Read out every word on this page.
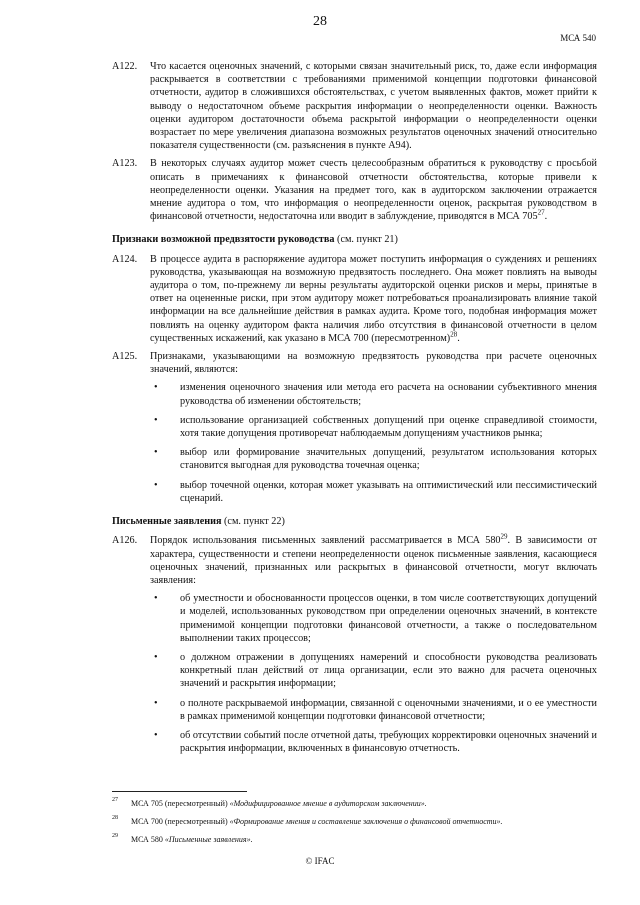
28
МСА 540
A122. Что касается оценочных значений, с которыми связан значительный риск, то, даже если информация раскрывается в соответствии с требованиями применимой концепции подготовки финансовой отчетности, аудитор в сложившихся обстоятельствах, с учетом выявленных фактов, может прийти к выводу о недостаточном объеме раскрытия информации о неопределенности оценки. Важность оценки аудитором достаточности объема раскрытой информации о неопределенности оценки возрастает по мере увеличения диапазона возможных результатов оценочных значений относительно показателя существенности (см. разъяснения в пункте A94).
A123. В некоторых случаях аудитор может счесть целесообразным обратиться к руководству с просьбой описать в примечаниях к финансовой отчетности обстоятельства, которые привели к неопределенности оценки. Указания на предмет того, как в аудиторском заключении отражается мнение аудитора о том, что информация о неопределенности оценок, раскрытая руководством в финансовой отчетности, недостаточна или вводит в заблуждение, приводятся в МСА $705^{27}$.
Признаки возможной предвзятости руководства (см. пункт 21)
A124. В процессе аудита в распоряжение аудитора может поступить информация о суждениях и решениях руководства, указывающая на возможную предвзятость последнего. Она может повлиять на выводы аудитора о том, по-прежнему ли верны результаты аудиторской оценки рисков и меры, принятые в ответ на оцененные риски, при этом аудитору может потребоваться проанализировать влияние такой информации на все дальнейшие действия в рамках аудита. Кроме того, подобная информация может повлиять на оценку аудитором факта наличия либо отсутствия в финансовой отчетности в целом существенных искажений, как указано в МСА 700 (пересмотренном)$^{28}$.
A125. Признаками, указывающими на возможную предвзятость руководства при расчете оценочных значений, являются:
• изменения оценочного значения или метода его расчета на основании субъективного мнения руководства об изменении обстоятельств;
• использование организацией собственных допущений при оценке справедливой стоимости, хотя такие допущения противоречат наблюдаемым допущениям участников рынка;
• выбор или формирование значительных допущений, результатом использования которых становится выгодная для руководства точечная оценка;
• выбор точечной оценки, которая может указывать на оптимистический или пессимистический сценарий.
Письменные заявления (см. пункт 22)
A126. Порядок использования письменных заявлений рассматривается в МСА $580^{29}$. В зависимости от характера, существенности и степени неопределенности оценок письменные заявления, касающиеся оценочных значений, признанных или раскрытых в финансовой отчетности, могут включать заявления:
• об уместности и обоснованности процессов оценки, в том числе соответствующих допущений и моделей, использованных руководством при определении оценочных значений, в контексте применимой концепции подготовки финансовой отчетности, а также о последовательном выполнении таких процессов;
• о должном отражении в допущениях намерений и способности руководства реализовать конкретный план действий от лица организации, если это важно для расчета оценочных значений и раскрытия информации;
• о полноте раскрываемой информации, связанной с оценочными значениями, и о ее уместности в рамках применимой концепции подготовки финансовой отчетности;
• об отсутствии событий после отчетной даты, требующих корректировки оценочных значений и раскрытия информации, включенных в финансовую отчетность.
27 МСА 705 (пересмотренный) «Модифицированное мнение в аудиторском заключении».
28 МСА 700 (пересмотренный) «Формирование мнения и составление заключения о финансовой отчетности».
29 МСА 580 «Письменные заявления».
© IFAC
